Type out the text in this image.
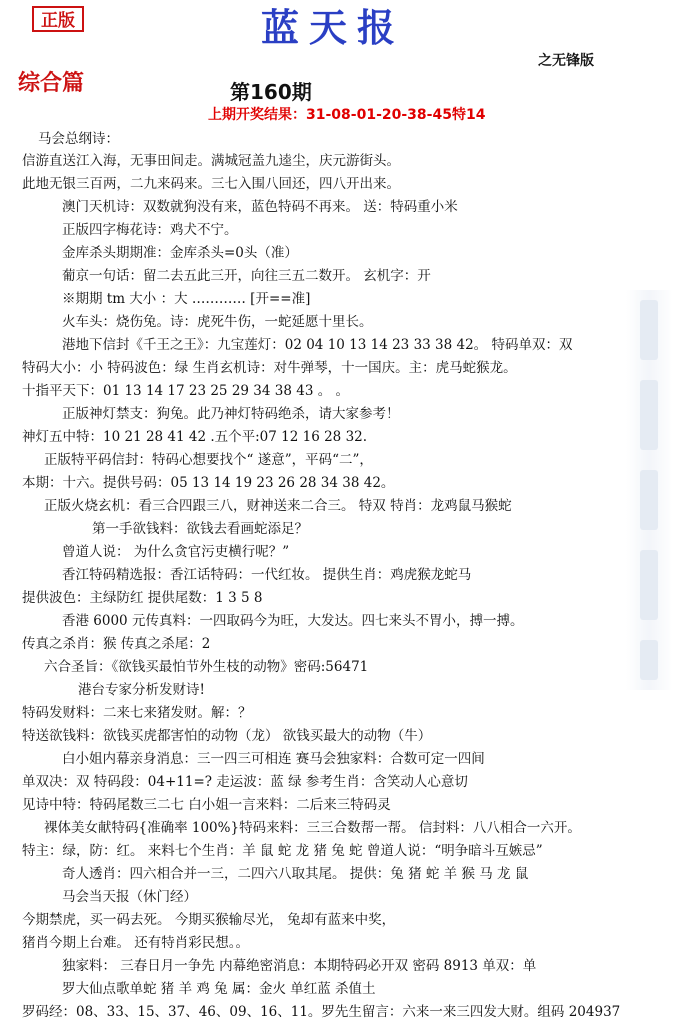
正版	蓝天报
之无锋版
综合篇	第160期
上期开奖结果：31-08-01-20-38-45特14
马会总纲诗：
信游直送江入海，无事田间走。满城冠盖九逵尘，庆元游街头。
此地无银三百两，二九来码来。三七入围八回还，四八开出来。
澳门天机诗：双数就狗没有来，蓝色特码不再来。 送：特码重小米
正版四字梅花诗：鸡犬不宁。
金库杀头期期准：金库杀头=0头（准）
葡京一句话：留二去五此三开，向往三五二数开。 玄机字：开
※期期 tm 大小 ：大 ………… [开==准]
火车头：烧伤兔。诗：虎死牛伤，一蛇延愿十里长。
港地下信封《千王之王》：九宝莲灯：02 04 10 13 14 23 33 38 42。 特码单双：双
特码大小：小 特码波色：绿 生肖玄机诗：对牛弹琴，十一国庆。主：虎马蛇猴龙。
十指平天下：01 13 14 17 23 25 29 34 38 43 。 。
正版神灯禁支：狗兔。此乃神灯特码绝杀，请大家参考！
神灯五中特：10 21 28 41 42 .五个平:07 12 16 28 32.
正版特平码信封：特码心想要找个“ 遂意”，平码“二”，
本期：十六。提供号码：05 13 14 19 23 26 28 34 38 42。
正版火烧玄机：看三合四跟三八，财神送来二合三。 特双 特肖：龙鸡鼠马猴蛇
第一手欲钱料：欲钱去看画蛇添足？
曾道人说： 为什么贪官污吏横行呢？”
香江特码精选报：香江话特码：一代红妆。 提供生肖：鸡虎猴龙蛇马
提供波色：主绿防红 提供尾数：1 3 5 8
香港 6000 元传真料：一四取码今为旺，大发达。四七来头不胃小，搏一搏。
传真之杀肖：猴 传真之杀尾：2
六合圣旨：《欲钱买最怕节外生枝的动物》密码:56471
港台专家分析发财诗!
特码发财料：二来七来猪发财。解：？
特送欲钱料：欲钱买虎都害怕的动物（龙） 欲钱买最大的动物（牛）
白小姐内幕亲身消息：三一四三可相连 赛马会独家料：合数可定一四间
单双决：双 特码段：04+11=? 走运波：蓝 绿 参考生肖：含笑动人心意切
见诗中特：特码尾数三二七 白小姐一言来料：二后来三特码灵
裸体美女献特码{准确率 100%}特码来料：三三合数帮一帮。 信封料：八八相合一六开。
特主：绿，防：红。 来料七个生肖：羊 鼠 蛇 龙 猪 兔 蛇 曾道人说：“明争暗斗互嫉忌”
奇人透肖：四六相合并一三，二四六八取其尾。 提供：兔 猪 蛇 羊 猴 马 龙 鼠
马会当天报（休门经）
今期禁虎，买一码去死。 今期买猴输尽光， 兔却有蓝来中奖，
猪肖今期上台难。 还有特肖彩民想。。
独家料： 三春日月一争先 内幕绝密消息：本期特码必开双 密码 8913 单双：单
罗大仙点歌单蛇 猪 羊 鸡 兔 属：金火 单红蓝 杀值土
罗码经：08、33、15、37、46、09、16、11。罗先生留言：六来一来三四发大财。组码 204937
